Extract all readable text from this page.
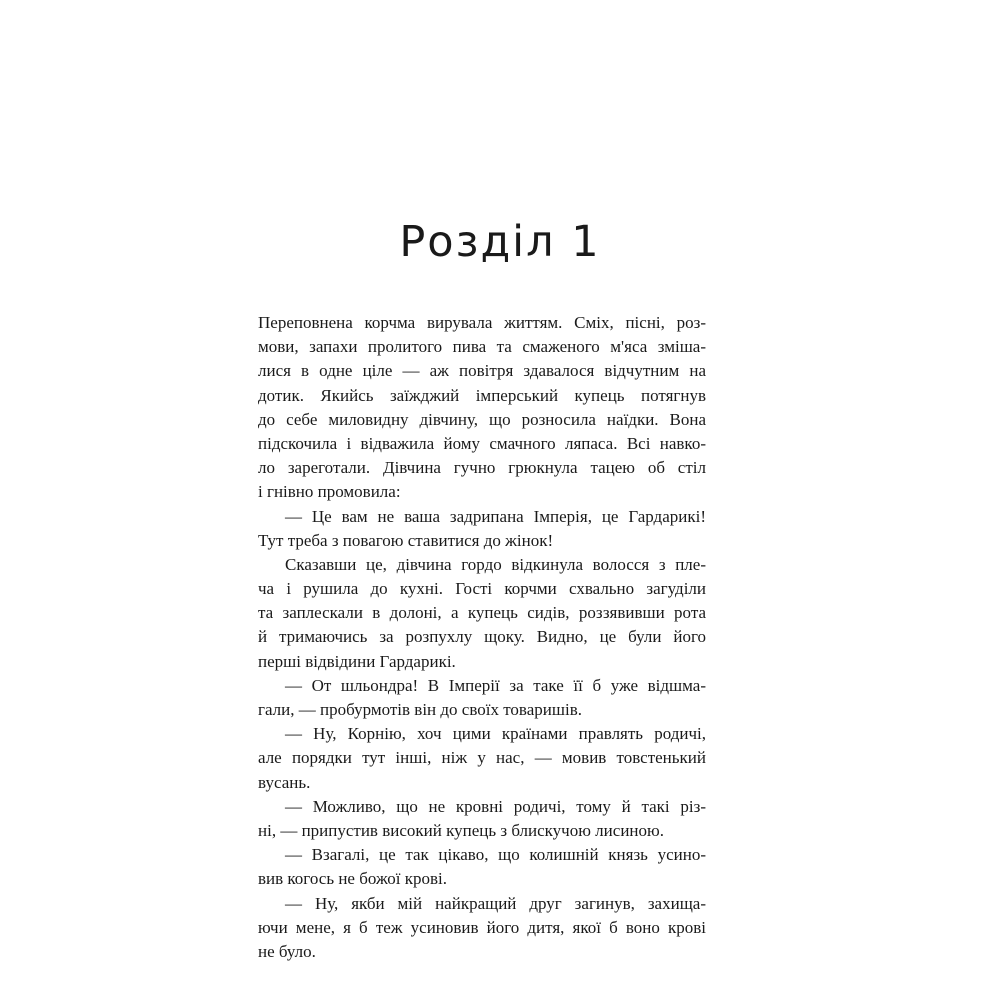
Розділ 1
Переповнена корчма вирувала життям. Сміх, пісні, роз-
мови, запахи пролитого пива та смаженого м'яса зміша-
лися в одне ціле — аж повітря здавалося відчутним на
дотик. Якийсь заїжджий імперський купець потягнув
до себе миловидну дівчину, що розносила наїдки. Вона
підскочила і відважила йому смачного ляпаса. Всі навко-
ло зареготали. Дівчина гучно грюкнула тацею об стіл
і гнівно промовила:
— Це вам не ваша задрипана Імперія, це Гардарикі!
Тут треба з повагою ставитися до жінок!
Сказавши це, дівчина гордо відкинула волосся з пле-
ча і рушила до кухні. Гості корчми схвально загуділи
та заплескали в долоні, а купець сидів, роззявивши рота
й тримаючись за розпухлу щоку. Видно, це були його
перші відвідини Гардарикі.
— От шльондра! В Імперії за таке її б уже відшма-
гали, — пробурмотів він до своїх товаришів.
— Ну, Корнію, хоч цими країнами правлять родичі,
але порядки тут інші, ніж у нас, — мовив товстенький
вусань.
— Можливо, що не кровні родичі, тому й такі різ-
ні, — припустив високий купець з блискучою лисиною.
— Взагалі, це так цікаво, що колишній князь усино-
вив когось не божої крові.
— Ну, якби мій найкращий друг загинув, захища-
ючи мене, я б теж усиновив його дитя, якої б воно крові
не було.
